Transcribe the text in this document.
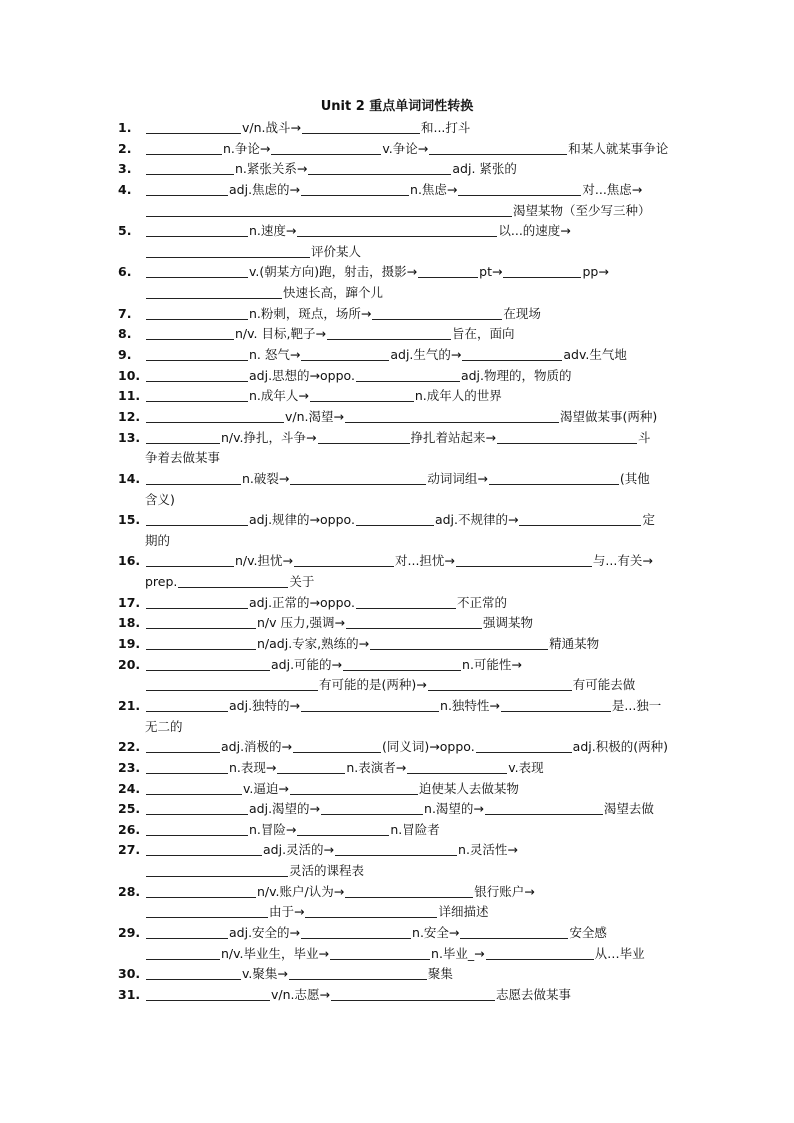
Unit 2 重点单词词性转换
1.	v/n.战斗→	和...打斗
2.	n.争论→	v.争论→	和某人就某事争论
3.	n.紧张关系→	adj. 紧张的
4.	adj.焦虑的→	n.焦虑→	对...焦虑→
渴望某物（至少写三种）
5.	n.速度→	以...的速度→
评价某人
6.	v.(朝某方向)跑，射击，摄影→	pt→	pp→
快速长高，蹿个儿
7.	n.粉刺，斑点，场所→	在现场
8.	n/v. 目标,靶子→	旨在，面向
9.	n. 怒气→	adj.生气的→	adv.生气地
10.	adj.思想的→oppo.	adj.物理的，物质的
11.	n.成年人→	n.成年人的世界
12.	v/n.渴望→	渴望做某事(两种)
13.	n/v.挣扎，斗争→	挣扎着站起来→	斗
争着去做某事
14.	n.破裂→	动词词组→	(其他
含义)
15.	adj.规律的→oppo.	adj.不规律的→	定
期的
16.	n/v.担忧→	对...担忧→	与...有关→
prep.	关于
17.	adj.正常的→oppo.	不正常的
18.	n/v 压力,强调→	强调某物
19.	n/adj.专家,熟练的→	精通某物
20.	adj.可能的→	n.可能性→
有可能的是(两种)→	有可能去做
21.	adj.独特的→	n.独特性→	是...独一
无二的
22.	adj.消极的→	(同义词)→oppo.	adj.积极的(两种)
23.	n.表现→	n.表演者→	v.表现
24.	v.逼迫→	迫使某人去做某物
25.	adj.渴望的→	n.渴望的→	渴望去做
26.	n.冒险→	n.冒险者
27.	adj.灵活的→	n.灵活性→
灵活的课程表
28.	n/v.账户/认为→	银行账户→
由于→	详细描述
29.	adj.安全的→	n.安全→	安全感
n/v.毕业生，毕业→	n.毕业_→	从…毕业
30.	v.聚集→	聚集
31.	v/n.志愿→	志愿去做某事
